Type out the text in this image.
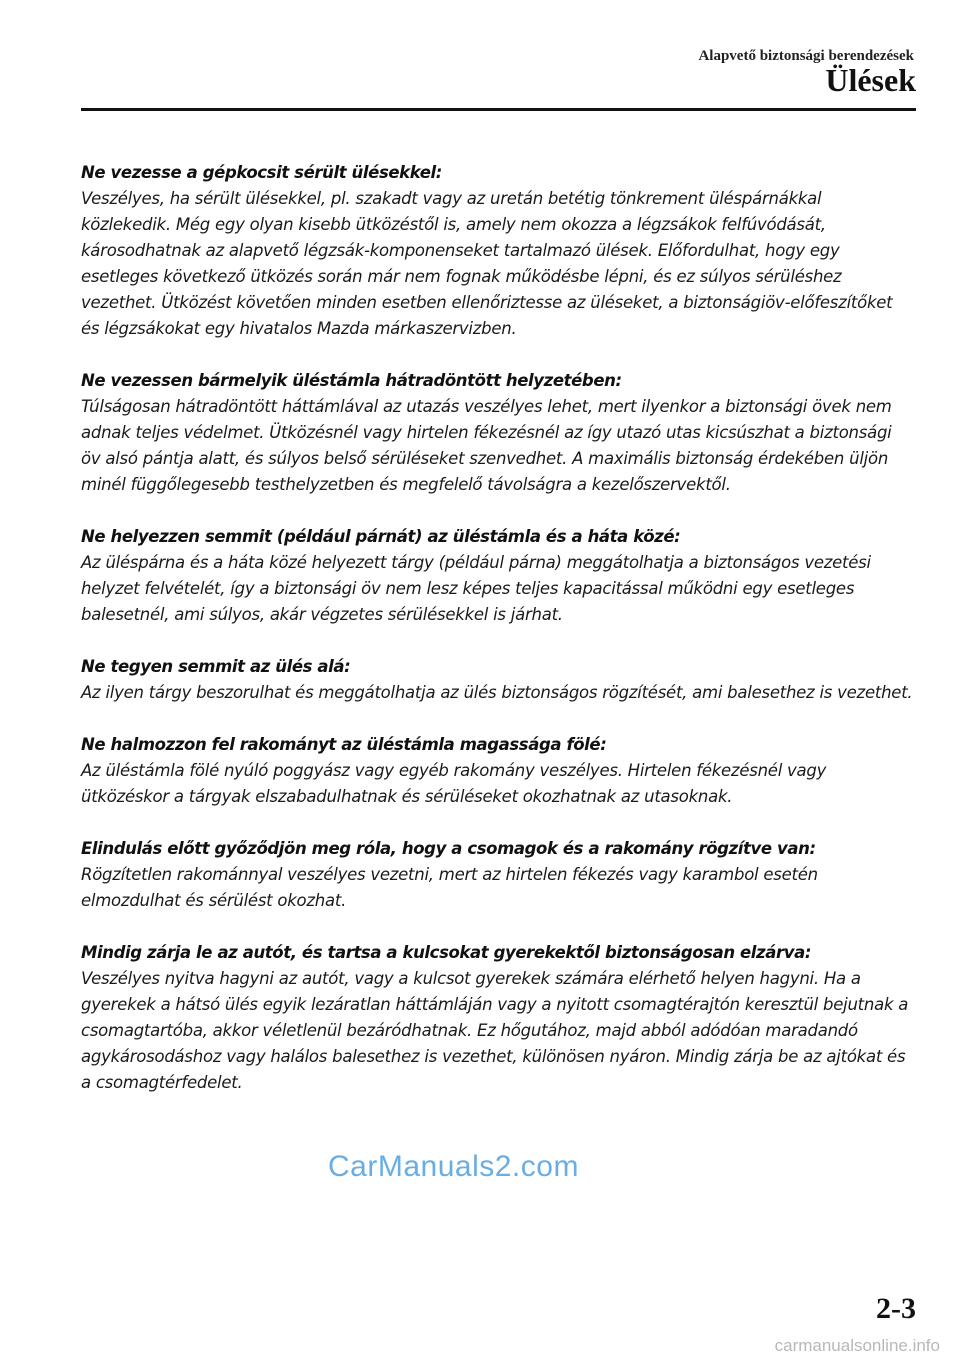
Alapvető biztonsági berendezések
Ülések
Ne vezesse a gépkocsit sérült ülésekkel:
Veszélyes, ha sérült ülésekkel, pl. szakadt vagy az uretán betétig tönkrement üléspárnákkal közlekedik. Még egy olyan kisebb ütközéstől is, amely nem okozza a légzsákok felfúvódását, károsodhatnak az alapvető légzsák-komponenseket tartalmazó ülések. Előfordulhat, hogy egy esetleges következő ütközés során már nem fognak működésbe lépni, és ez súlyos sérüléshez vezethet. Ütközést követően minden esetben ellenőriztesse az üléseket, a biztonságiöv-előfeszítőket és légzsákokat egy hivatalos Mazda márkaszervizben.
Ne vezessen bármelyik üléstámla hátradöntött helyzetében:
Túlságosan hátradöntött háttámlával az utazás veszélyes lehet, mert ilyenkor a biztonsági övek nem adnak teljes védelmet. Ütközésnél vagy hirtelen fékezésnél az így utazó utas kicsúszhat a biztonsági öv alsó pántja alatt, és súlyos belső sérüléseket szenvedhet. A maximális biztonság érdekében üljön minél függőlegesebb testhelyzetben és megfelelő távolságra a kezelőszervektől.
Ne helyezzen semmit (például párnát) az üléstámla és a háta közé:
Az üléspárna és a háta közé helyezett tárgy (például párna) meggátolhatja a biztonságos vezetési helyzet felvételét, így a biztonsági öv nem lesz képes teljes kapacitással működni egy esetleges balesetnél, ami súlyos, akár végzetes sérülésekkel is járhat.
Ne tegyen semmit az ülés alá:
Az ilyen tárgy beszorulhat és meggátolhatja az ülés biztonságos rögzítését, ami balesethez is vezethet.
Ne halmozzon fel rakományt az üléstámla magassága fölé:
Az üléstámla fölé nyúló poggyász vagy egyéb rakomány veszélyes. Hirtelen fékezésnél vagy ütközéskor a tárgyak elszabadulhatnak és sérüléseket okozhatnak az utasoknak.
Elindulás előtt győződjön meg róla, hogy a csomagok és a rakomány rögzítve van:
Rögzítetlen rakománnyal veszélyes vezetni, mert az hirtelen fékezés vagy karambol esetén elmozdulhat és sérülést okozhat.
Mindig zárja le az autót, és tartsa a kulcsokat gyerekektől biztonságosan elzárva:
Veszélyes nyitva hagyni az autót, vagy a kulcsot gyerekek számára elérhető helyen hagyni. Ha a gyerekek a hátsó ülés egyik lezáratlan háttámláján vagy a nyitott csomagtérajtón keresztül bejutnak a csomagtartóba, akkor véletlenül bezáródhatnak. Ez hőgutához, majd abból adódóan maradandó agykárosodáshoz vagy halálos balesethez is vezethet, különösen nyáron. Mindig zárja be az ajtókat és a csomagtérfedelet.
CarManuals2.com
2-3
carmanualsonline.info
